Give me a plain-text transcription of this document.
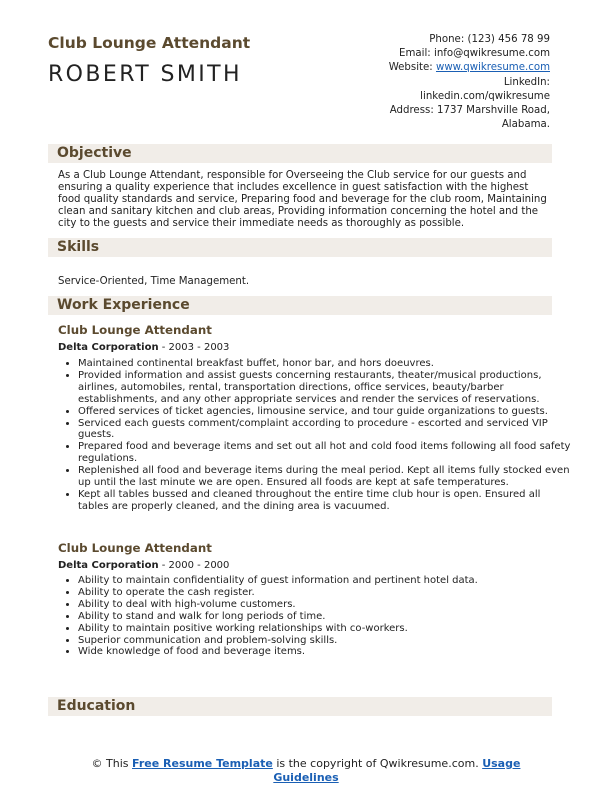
Club Lounge Attendant
ROBERT SMITH
Phone: (123) 456 78 99
Email: info@qwikresume.com
Website: www.qwikresume.com
LinkedIn:
linkedin.com/qwikresume
Address: 1737 Marshville Road,
Alabama.
Objective
As a Club Lounge Attendant, responsible for Overseeing the Club service for our guests and ensuring a quality experience that includes excellence in guest satisfaction with the highest food quality standards and service, Preparing food and beverage for the club room, Maintaining clean and sanitary kitchen and club areas, Providing information concerning the hotel and the city to the guests and service their immediate needs as thoroughly as possible.
Skills
Service-Oriented, Time Management.
Work Experience
Club Lounge Attendant
Delta Corporation - 2003 - 2003
• Maintained continental breakfast buffet, honor bar, and hors doeuvres.
• Provided information and assist guests concerning restaurants, theater/musical productions, airlines, automobiles, rental, transportation directions, office services, beauty/barber establishments, and any other appropriate services and render the services of reservations.
• Offered services of ticket agencies, limousine service, and tour guide organizations to guests.
• Serviced each guests comment/complaint according to procedure - escorted and serviced VIP guests.
• Prepared food and beverage items and set out all hot and cold food items following all food safety regulations.
• Replenished all food and beverage items during the meal period. Kept all items fully stocked even up until the last minute we are open. Ensured all foods are kept at safe temperatures.
• Kept all tables bussed and cleaned throughout the entire time club hour is open. Ensured all tables are properly cleaned, and the dining area is vacuumed.
Club Lounge Attendant
Delta Corporation - 2000 - 2000
• Ability to maintain confidentiality of guest information and pertinent hotel data.
• Ability to operate the cash register.
• Ability to deal with high-volume customers.
• Ability to stand and walk for long periods of time.
• Ability to maintain positive working relationships with co-workers.
• Superior communication and problem-solving skills.
• Wide knowledge of food and beverage items.
Education
© This Free Resume Template is the copyright of Qwikresume.com. Usage
Guidelines
